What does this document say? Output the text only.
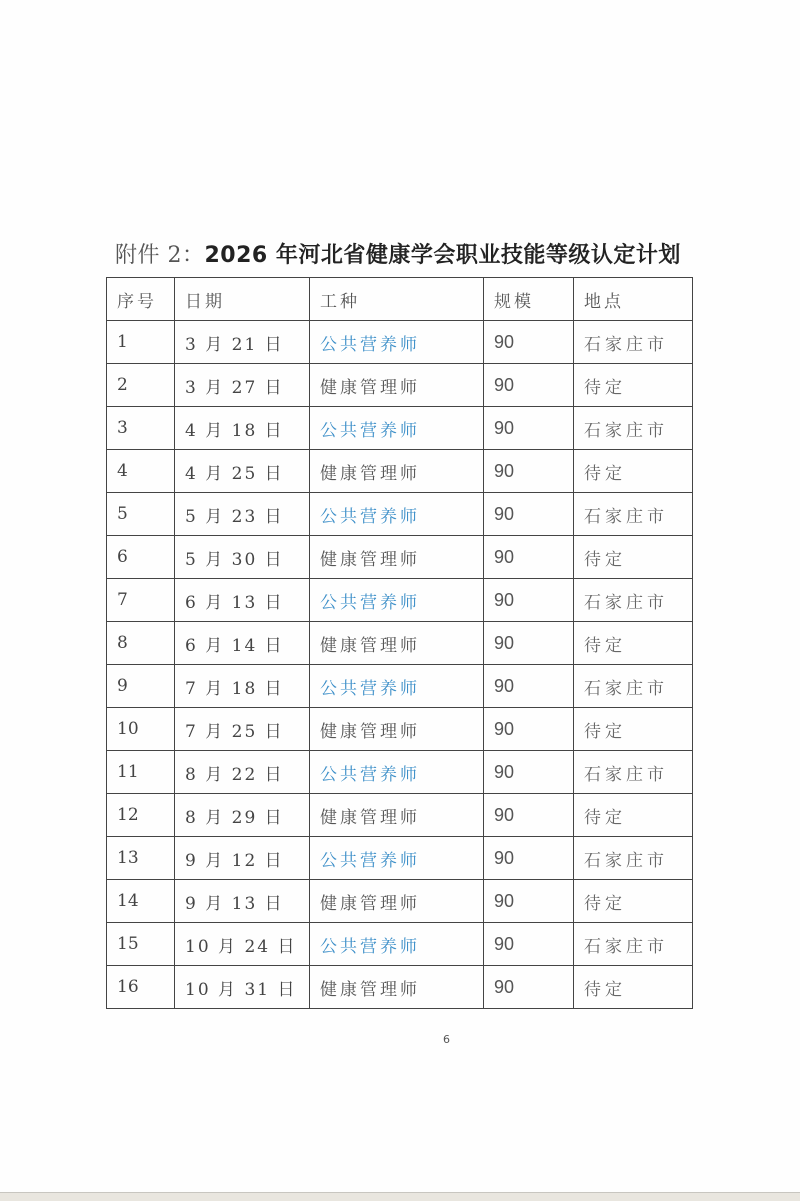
附件 2：2026 年河北省健康学会职业技能等级认定计划
序号	日期	工种	规模	地点
1	3 月 21 日	公共营养师	90	石家庄市
2	3 月 27 日	健康管理师	90	待定
3	4 月 18 日	公共营养师	90	石家庄市
4	4 月 25 日	健康管理师	90	待定
5	5 月 23 日	公共营养师	90	石家庄市
6	5 月 30 日	健康管理师	90	待定
7	6 月 13 日	公共营养师	90	石家庄市
8	6 月 14 日	健康管理师	90	待定
9	7 月 18 日	公共营养师	90	石家庄市
10	7 月 25 日	健康管理师	90	待定
11	8 月 22 日	公共营养师	90	石家庄市
12	8 月 29 日	健康管理师	90	待定
13	9 月 12 日	公共营养师	90	石家庄市
14	9 月 13 日	健康管理师	90	待定
15	10 月 24 日	公共营养师	90	石家庄市
16	10 月 31 日	健康管理师	90	待定
6
